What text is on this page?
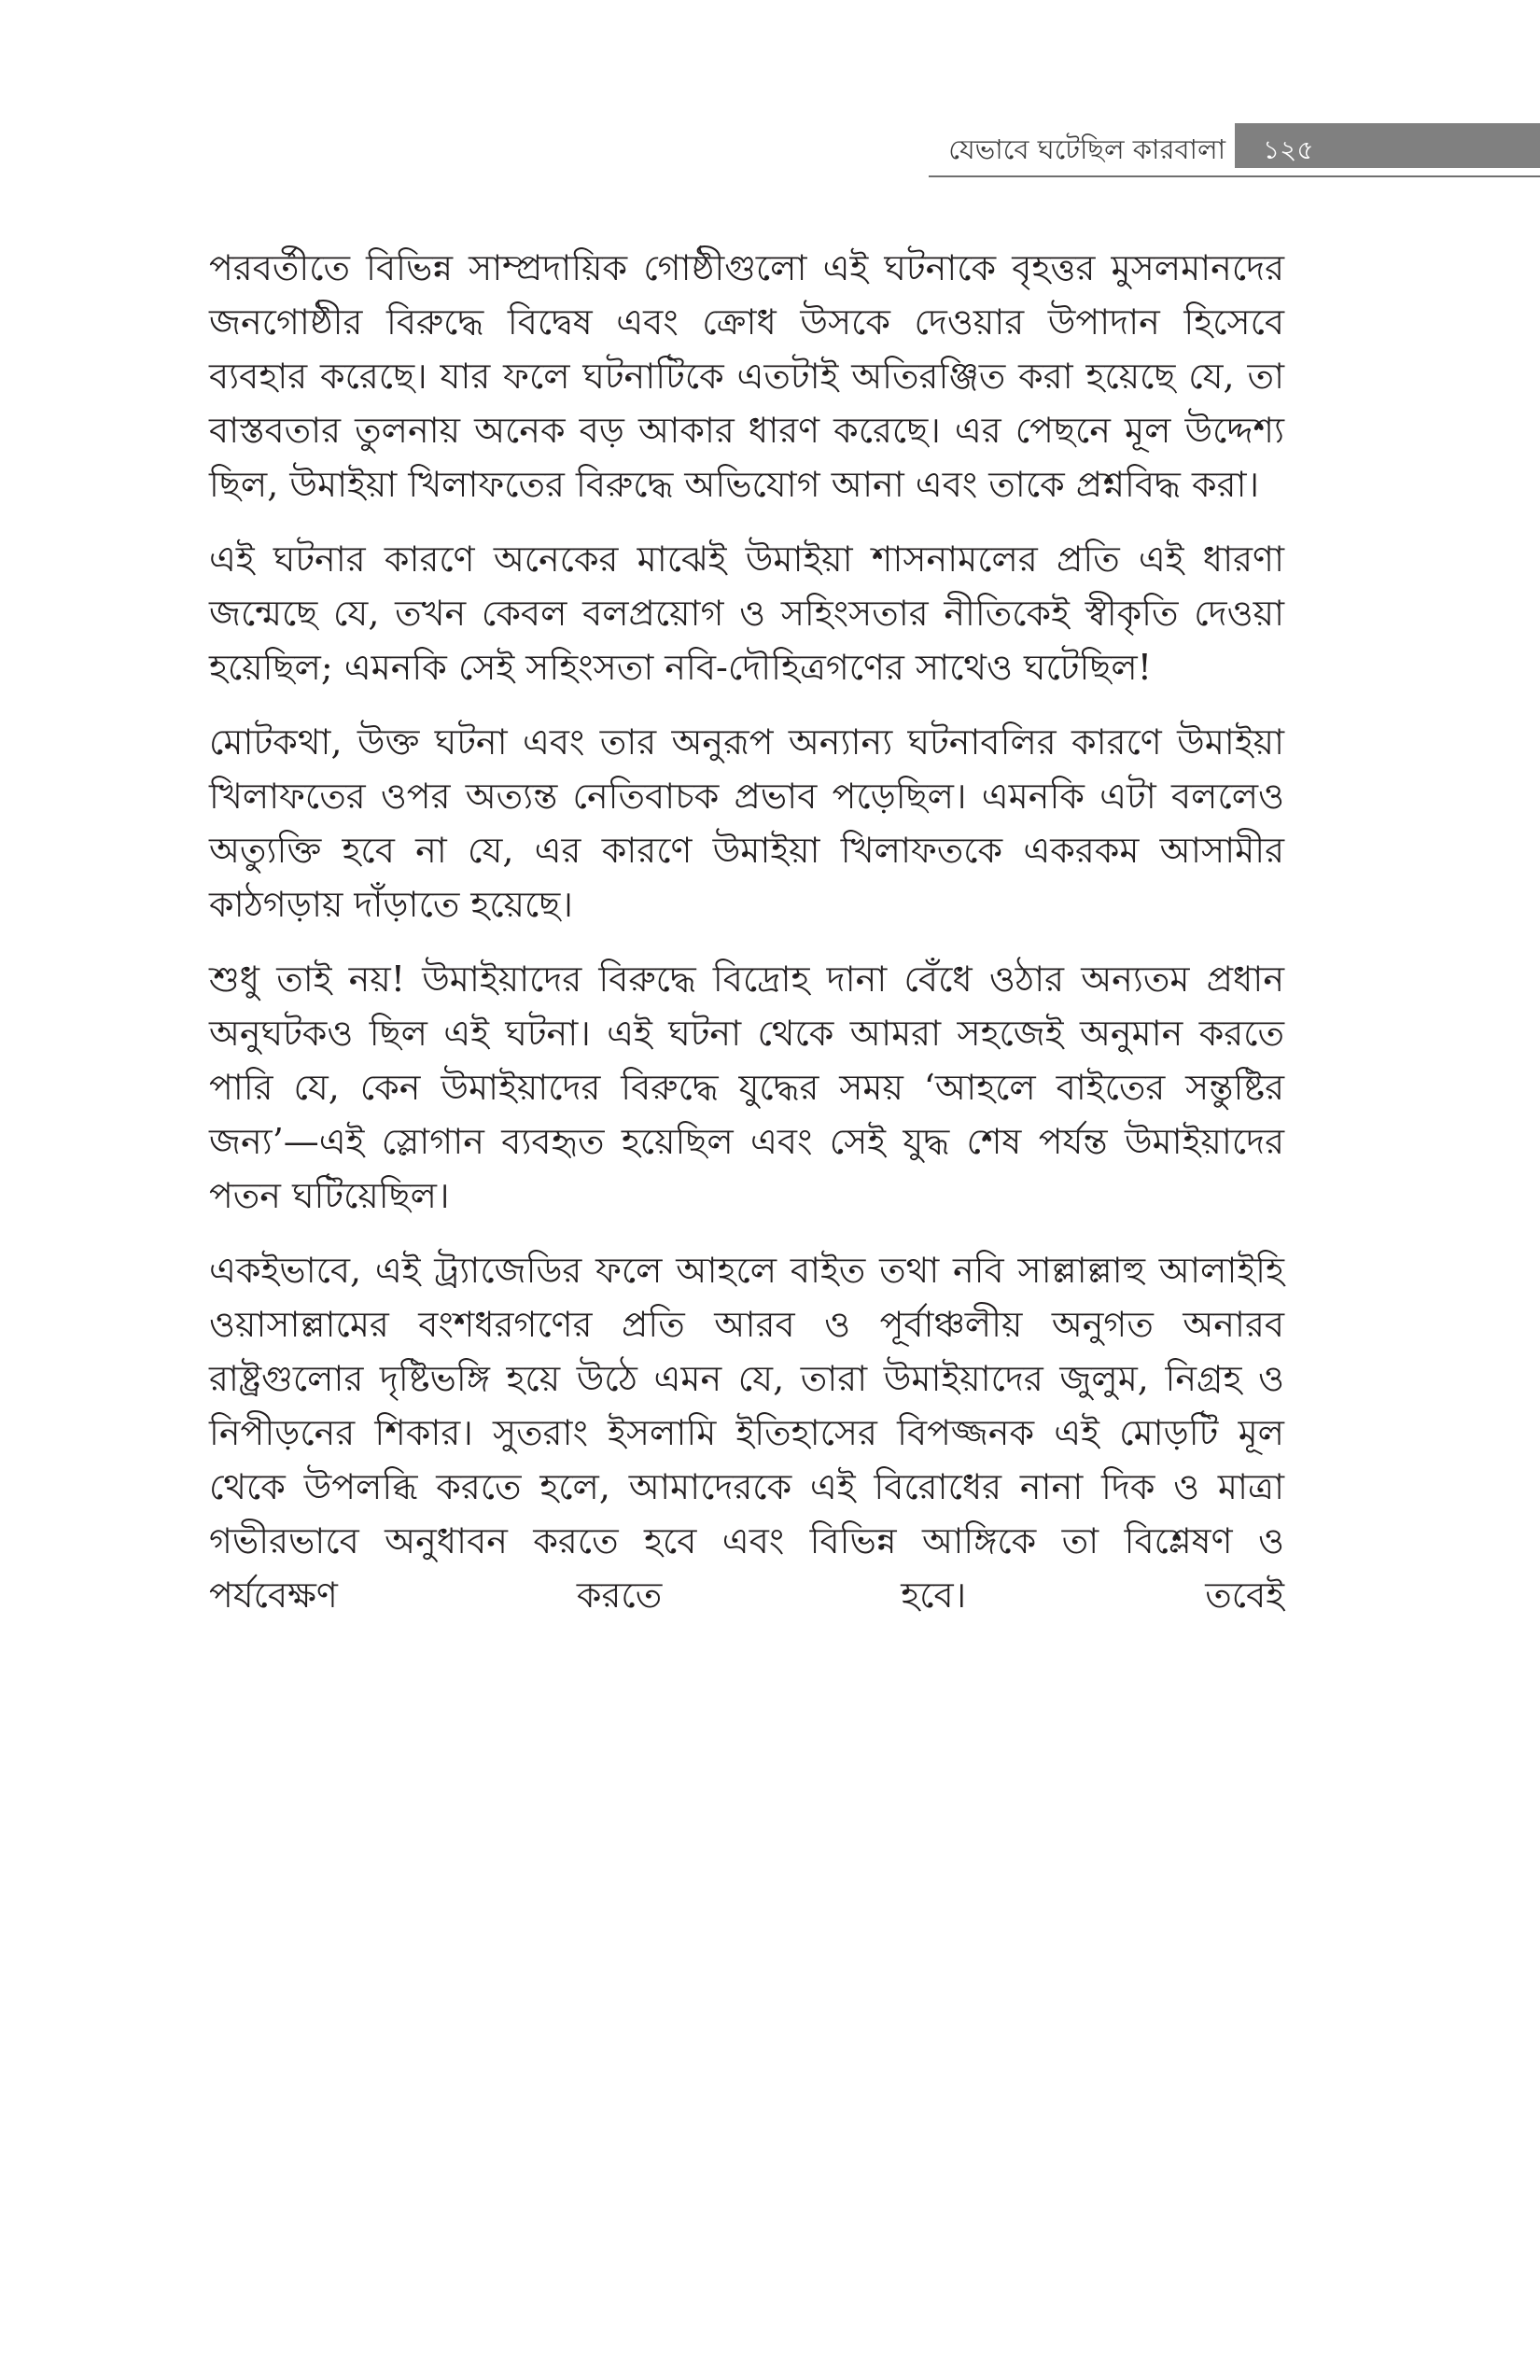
যেভাবে ঘটেছিল কারবালা ১২৫

পরবর্তীতে বিভিন্ন সাম্প্রদায়িক গোষ্ঠীগুলো এই ঘটনাকে বৃহত্তর মুসলমানদের জনগোষ্ঠীর বিরুদ্ধে বিদ্বেষ এবং ক্রোধ উসকে দেওয়ার উপাদান হিসেবে ব্যবহার করেছে। যার ফলে ঘটনাটিকে এতটাই অতিরঞ্জিত করা হয়েছে যে, তা বাস্তবতার তুলনায় অনেক বড় আকার ধারণ করেছে। এর পেছনে মূল উদ্দেশ্য ছিল, উমাইয়া খিলাফতের বিরুদ্ধে অভিযোগ আনা এবং তাকে প্রশ্নবিদ্ধ করা।

এই ঘটনার কারণে অনেকের মাঝেই উমাইয়া শাসনামলের প্রতি এই ধারণা জন্মেছে যে, তখন কেবল বলপ্রয়োগ ও সহিংসতার নীতিকেই স্বীকৃতি দেওয়া হয়েছিল; এমনকি সেই সহিংসতা নবি-দৌহিত্রগণের সাথেও ঘটেছিল!

মোটকথা, উক্ত ঘটনা এবং তার অনুরূপ অন্যান্য ঘটনাবলির কারণে উমাইয়া খিলাফতের ওপর অত্যন্ত নেতিবাচক প্রভাব পড়েছিল। এমনকি এটা বললেও অত্যুক্তি হবে না যে, এর কারণে উমাইয়া খিলাফতকে একরকম আসামীর কাঠগড়ায় দাঁড়াতে হয়েছে।

শুধু তাই নয়! উমাইয়াদের বিরুদ্ধে বিদ্রোহ দানা বেঁধে ওঠার অন্যতম প্রধান অনুঘটকও ছিল এই ঘটনা। এই ঘটনা থেকে আমরা সহজেই অনুমান করতে পারি যে, কেন উমাইয়াদের বিরুদ্ধে যুদ্ধের সময় ‘আহলে বাইতের সন্তুষ্টির জন্য’—এই স্লোগান ব্যবহৃত হয়েছিল এবং সেই যুদ্ধ শেষ পর্যন্ত উমাইয়াদের পতন ঘটিয়েছিল।

একইভাবে, এই ট্র্যাজেডির ফলে আহলে বাইত তথা নবি সাল্লাল্লাহু আলাইহি ওয়াসাল্লামের বংশধরগণের প্রতি আরব ও পূর্বাঞ্চলীয় অনুগত অনারব রাষ্ট্রগুলোর দৃষ্টিভঙ্গি হয়ে উঠে এমন যে, তারা উমাইয়াদের জুলুম, নিগ্রহ ও নিপীড়নের শিকার। সুতরাং ইসলামি ইতিহাসের বিপজ্জনক এই মোড়টি মূল থেকে উপলব্ধি করতে হলে, আমাদেরকে এই বিরোধের নানা দিক ও মাত্রা গভীরভাবে অনুধাবন করতে হবে এবং বিভিন্ন আঙ্গিকে তা বিশ্লেষণ ও পর্যবেক্ষণ করতে হবে। তবেই
